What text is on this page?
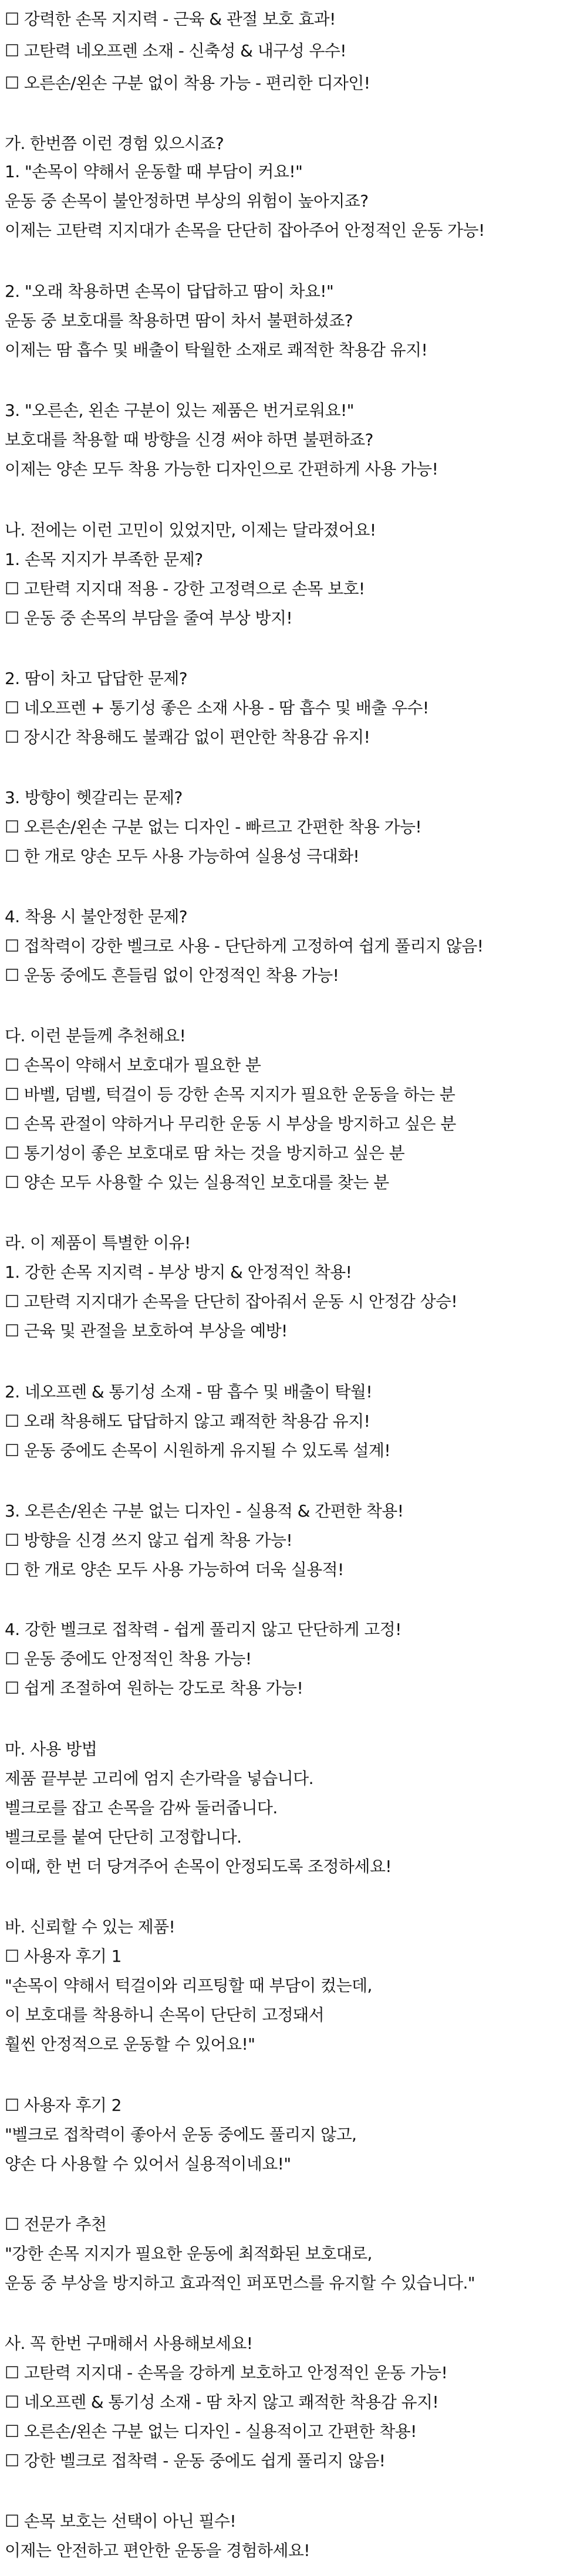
☐ 강력한 손목 지지력 - 근육 & 관절 보호 효과!
☐ 고탄력 네오프렌 소재 - 신축성 & 내구성 우수!
☐ 오른손/왼손 구분 없이 착용 가능 - 편리한 디자인!
가. 한번쯤 이런 경험 있으시죠?
1. "손목이 약해서 운동할 때 부담이 커요!"
운동 중 손목이 불안정하면 부상의 위험이 높아지죠?
이제는 고탄력 지지대가 손목을 단단히 잡아주어 안정적인 운동 가능!
2. "오래 착용하면 손목이 답답하고 땀이 차요!"
운동 중 보호대를 착용하면 땀이 차서 불편하셨죠?
이제는 땀 흡수 및 배출이 탁월한 소재로 쾌적한 착용감 유지!
3. "오른손, 왼손 구분이 있는 제품은 번거로워요!"
보호대를 착용할 때 방향을 신경 써야 하면 불편하죠?
이제는 양손 모두 착용 가능한 디자인으로 간편하게 사용 가능!
나. 전에는 이런 고민이 있었지만, 이제는 달라졌어요!
1. 손목 지지가 부족한 문제?
☐ 고탄력 지지대 적용 - 강한 고정력으로 손목 보호!
☐ 운동 중 손목의 부담을 줄여 부상 방지!
2. 땀이 차고 답답한 문제?
☐ 네오프렌 + 통기성 좋은 소재 사용 - 땀 흡수 및 배출 우수!
☐ 장시간 착용해도 불쾌감 없이 편안한 착용감 유지!
3. 방향이 헷갈리는 문제?
☐ 오른손/왼손 구분 없는 디자인 - 빠르고 간편한 착용 가능!
☐ 한 개로 양손 모두 사용 가능하여 실용성 극대화!
4. 착용 시 불안정한 문제?
☐ 접착력이 강한 벨크로 사용 - 단단하게 고정하여 쉽게 풀리지 않음!
☐ 운동 중에도 흔들림 없이 안정적인 착용 가능!
다. 이런 분들께 추천해요!
☐ 손목이 약해서 보호대가 필요한 분
☐ 바벨, 덤벨, 턱걸이 등 강한 손목 지지가 필요한 운동을 하는 분
☐ 손목 관절이 약하거나 무리한 운동 시 부상을 방지하고 싶은 분
☐ 통기성이 좋은 보호대로 땀 차는 것을 방지하고 싶은 분
☐ 양손 모두 사용할 수 있는 실용적인 보호대를 찾는 분
라. 이 제품이 특별한 이유!
1. 강한 손목 지지력 - 부상 방지 & 안정적인 착용!
☐ 고탄력 지지대가 손목을 단단히 잡아줘서 운동 시 안정감 상승!
☐ 근육 및 관절을 보호하여 부상을 예방!
2. 네오프렌 & 통기성 소재 - 땀 흡수 및 배출이 탁월!
☐ 오래 착용해도 답답하지 않고 쾌적한 착용감 유지!
☐ 운동 중에도 손목이 시원하게 유지될 수 있도록 설계!
3. 오른손/왼손 구분 없는 디자인 - 실용적 & 간편한 착용!
☐ 방향을 신경 쓰지 않고 쉽게 착용 가능!
☐ 한 개로 양손 모두 사용 가능하여 더욱 실용적!
4. 강한 벨크로 접착력 - 쉽게 풀리지 않고 단단하게 고정!
☐ 운동 중에도 안정적인 착용 가능!
☐ 쉽게 조절하여 원하는 강도로 착용 가능!
마. 사용 방법
제품 끝부분 고리에 엄지 손가락을 넣습니다.
벨크로를 잡고 손목을 감싸 둘러줍니다.
벨크로를 붙여 단단히 고정합니다.
이때, 한 번 더 당겨주어 손목이 안정되도록 조정하세요!
바. 신뢰할 수 있는 제품!
☐ 사용자 후기 1
"손목이 약해서 턱걸이와 리프팅할 때 부담이 컸는데,
이 보호대를 착용하니 손목이 단단히 고정돼서
훨씬 안정적으로 운동할 수 있어요!"
☐ 사용자 후기 2
"벨크로 접착력이 좋아서 운동 중에도 풀리지 않고,
양손 다 사용할 수 있어서 실용적이네요!"
☐ 전문가 추천
"강한 손목 지지가 필요한 운동에 최적화된 보호대로,
운동 중 부상을 방지하고 효과적인 퍼포먼스를 유지할 수 있습니다."
사. 꼭 한번 구매해서 사용해보세요!
☐ 고탄력 지지대 - 손목을 강하게 보호하고 안정적인 운동 가능!
☐ 네오프렌 & 통기성 소재 - 땀 차지 않고 쾌적한 착용감 유지!
☐ 오른손/왼손 구분 없는 디자인 - 실용적이고 간편한 착용!
☐ 강한 벨크로 접착력 - 운동 중에도 쉽게 풀리지 않음!
☐ 손목 보호는 선택이 아닌 필수!
이제는 안전하고 편안한 운동을 경험하세요!
